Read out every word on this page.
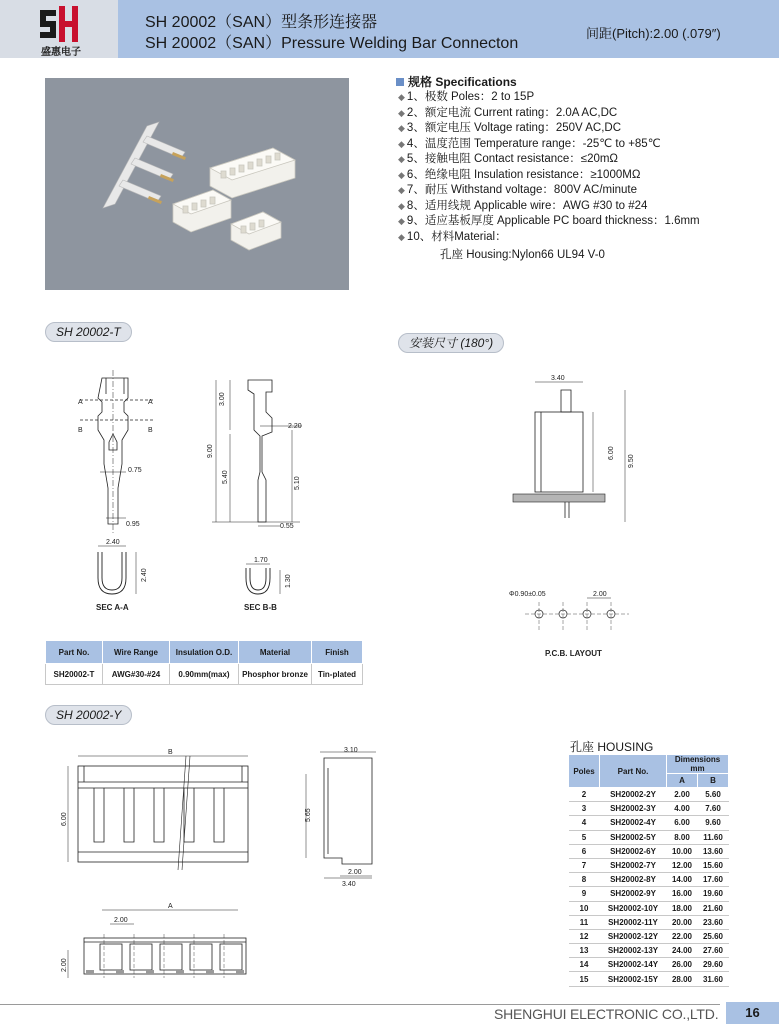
盛惠电子
SH 20002（SAN）型条形连接器
SH 20002（SAN）Pressure Welding Bar Connecton
间距(Pitch):2.00 (.079″)
规格 Specifications
◆ 1、极数 Poles：2 to 15P
◆ 2、额定电流 Current rating：2.0A AC,DC
◆ 3、额定电压 Voltage rating：250V AC,DC
◆ 4、温度范围 Temperature range：-25℃ to +85℃
◆ 5、接触电阻 Contact resistance：≤20mΩ
◆ 6、绝缘电阻 Insulation resistance：≥1000MΩ
◆ 7、耐压 Withstand voltage：800V AC/minute
◆ 8、适用线规 Applicable wire：AWG #30 to #24
◆ 9、适应基板厚度 Applicable PC board thickness：1.6mm
◆ 10、材料Material：
孔座 Housing:Nylon66 UL94 V-0
SH 20002-T
安装尺寸 (180°)
SH 20002-Y
A	A
B	B
0.75
0.95
3.00
9.00
5.40
2.20
5.10
0.55
2.40
2.40
SEC A-A
1.70
1.30
SEC B-B
3.40
6.00
9.50
Φ0.90±0.05	2.00
P.C.B. LAYOUT
Part No.	Wire Range	Insulation O.D.	Material	Finish
SH20002-T	AWG#30-#24	0.90mm(max)	Phosphor bronze	Tin-plated
B
6.00
3.10
5.65
2.00
3.40
A
2.00
2.00
孔座 HOUSING
Poles	Part No.	Dimensions mm	
		A	B
2	SH20002-2Y	2.00	5.60
3	SH20002-3Y	4.00	7.60
4	SH20002-4Y	6.00	9.60
5	SH20002-5Y	8.00	11.60
6	SH20002-6Y	10.00	13.60
7	SH20002-7Y	12.00	15.60
8	SH20002-8Y	14.00	17.60
9	SH20002-9Y	16.00	19.60
10	SH20002-10Y	18.00	21.60
11	SH20002-11Y	20.00	23.60
12	SH20002-12Y	22.00	25.60
13	SH20002-13Y	24.00	27.60
14	SH20002-14Y	26.00	29.60
15	SH20002-15Y	28.00	31.60
SHENGHUI ELECTRONIC CO.,LTD.	16
